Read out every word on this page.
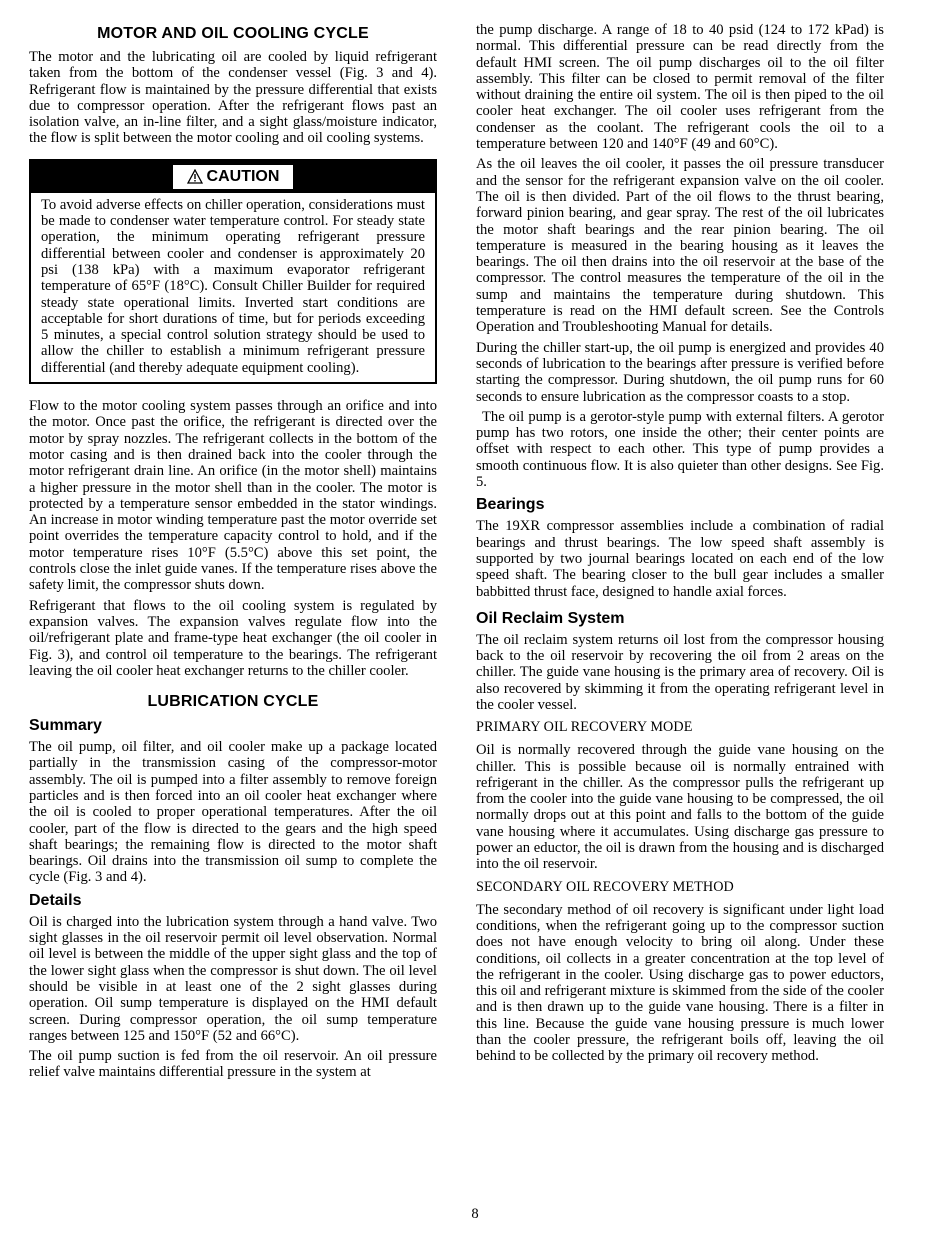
MOTOR AND OIL COOLING CYCLE

The motor and the lubricating oil are cooled by liquid refrigerant taken from the bottom of the condenser vessel (Fig. 3 and 4). Refrigerant flow is maintained by the pressure differential that exists due to compressor operation. After the refrigerant flows past an isolation valve, an in-line filter, and a sight glass/moisture indicator, the flow is split between the motor cooling and oil cooling systems.

CAUTION

To avoid adverse effects on chiller operation, considerations must be made to condenser water temperature control. For steady state operation, the minimum operating refrigerant pressure differential between cooler and condenser is approximately 20 psi (138 kPa) with a maximum evaporator refrigerant temperature of 65°F (18°C). Consult Chiller Builder for required steady state operational limits. Inverted start conditions are acceptable for short durations of time, but for periods exceeding 5 minutes, a special control solution strategy should be used to allow the chiller to establish a minimum refrigerant pressure differential (and thereby adequate equipment cooling).

Flow to the motor cooling system passes through an orifice and into the motor. Once past the orifice, the refrigerant is directed over the motor by spray nozzles. The refrigerant collects in the bottom of the motor casing and is then drained back into the cooler through the motor refrigerant drain line. An orifice (in the motor shell) maintains a higher pressure in the motor shell than in the cooler. The motor is protected by a temperature sensor embedded in the stator windings. An increase in motor winding temperature past the motor override set point overrides the temperature capacity control to hold, and if the motor temperature rises 10°F (5.5°C) above this set point, the controls close the inlet guide vanes. If the temperature rises above the safety limit, the compressor shuts down.

Refrigerant that flows to the oil cooling system is regulated by expansion valves. The expansion valves regulate flow into the oil/refrigerant plate and frame-type heat exchanger (the oil cooler in Fig. 3), and control oil temperature to the bearings. The refrigerant leaving the oil cooler heat exchanger returns to the chiller cooler.

LUBRICATION CYCLE
Summary

The oil pump, oil filter, and oil cooler make up a package located partially in the transmission casing of the compressor-motor assembly. The oil is pumped into a filter assembly to remove foreign particles and is then forced into an oil cooler heat exchanger where the oil is cooled to proper operational temperatures. After the oil cooler, part of the flow is directed to the gears and the high speed shaft bearings; the remaining flow is directed to the motor shaft bearings. Oil drains into the transmission oil sump to complete the cycle (Fig. 3 and 4).

Details

Oil is charged into the lubrication system through a hand valve. Two sight glasses in the oil reservoir permit oil level observation. Normal oil level is between the middle of the upper sight glass and the top of the lower sight glass when the compressor is shut down. The oil level should be visible in at least one of the 2 sight glasses during operation. Oil sump temperature is displayed on the HMI default screen. During compressor operation, the oil sump temperature ranges between 125 and 150°F (52 and 66°C).

The oil pump suction is fed from the oil reservoir. An oil pressure relief valve maintains differential pressure in the system at

the pump discharge. A range of 18 to 40 psid (124 to 172 kPad) is normal. This differential pressure can be read directly from the default HMI screen. The oil pump discharges oil to the oil filter assembly. This filter can be closed to permit removal of the filter without draining the entire oil system. The oil is then piped to the oil cooler heat exchanger. The oil cooler uses refrigerant from the condenser as the coolant. The refrigerant cools the oil to a temperature between 120 and 140°F (49 and 60°C).

As the oil leaves the oil cooler, it passes the oil pressure transducer and the sensor for the refrigerant expansion valve on the oil cooler. The oil is then divided. Part of the oil flows to the thrust bearing, forward pinion bearing, and gear spray. The rest of the oil lubricates the motor shaft bearings and the rear pinion bearing. The oil temperature is measured in the bearing housing as it leaves the bearings. The oil then drains into the oil reservoir at the base of the compressor. The control measures the temperature of the oil in the sump and maintains the temperature during shutdown. This temperature is read on the HMI default screen. See the Controls Operation and Troubleshooting Manual for details.

During the chiller start-up, the oil pump is energized and provides 40 seconds of lubrication to the bearings after pressure is verified before starting the compressor. During shutdown, the oil pump runs for 60 seconds to ensure lubrication as the compressor coasts to a stop.

The oil pump is a gerotor-style pump with external filters. A gerotor pump has two rotors, one inside the other; their center points are offset with respect to each other. This type of pump provides a smooth continuous flow. It is also quieter than other designs. See Fig. 5.

Bearings

The 19XR compressor assemblies include a combination of radial bearings and thrust bearings. The low speed shaft assembly is supported by two journal bearings located on each end of the low speed shaft. The bearing closer to the bull gear includes a smaller babbitted thrust face, designed to handle axial forces.

Oil Reclaim System

The oil reclaim system returns oil lost from the compressor housing back to the oil reservoir by recovering the oil from 2 areas on the chiller. The guide vane housing is the primary area of recovery. Oil is also recovered by skimming it from the operating refrigerant level in the cooler vessel.

PRIMARY OIL RECOVERY MODE

Oil is normally recovered through the guide vane housing on the chiller. This is possible because oil is normally entrained with refrigerant in the chiller. As the compressor pulls the refrigerant up from the cooler into the guide vane housing to be compressed, the oil normally drops out at this point and falls to the bottom of the guide vane housing where it accumulates. Using discharge gas pressure to power an eductor, the oil is drawn from the housing and is discharged into the oil reservoir.

SECONDARY OIL RECOVERY METHOD

The secondary method of oil recovery is significant under light load conditions, when the refrigerant going up to the compressor suction does not have enough velocity to bring oil along. Under these conditions, oil collects in a greater concentration at the top level of the refrigerant in the cooler. Using discharge gas to power eductors, this oil and refrigerant mixture is skimmed from the side of the cooler and is then drawn up to the guide vane housing. There is a filter in this line. Because the guide vane housing pressure is much lower than the cooler pressure, the refrigerant boils off, leaving the oil behind to be collected by the primary oil recovery method.

8
